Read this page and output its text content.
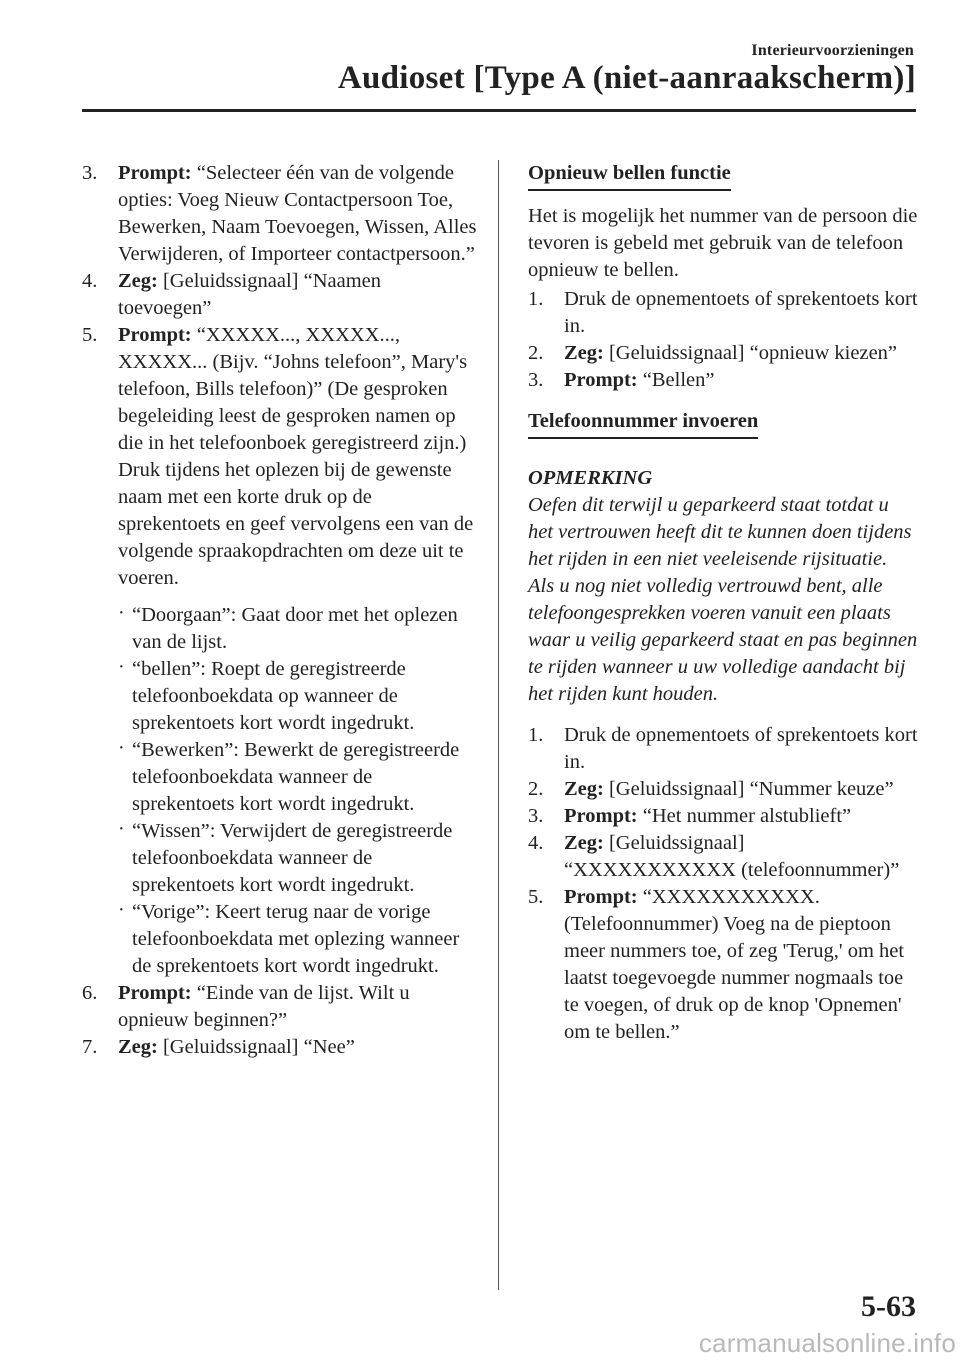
Interieurvoorzieningen
Audioset [Type A (niet-aanraakscherm)]
3.	Prompt: “Selecteer één van de volgende opties: Voeg Nieuw Contactpersoon Toe, Bewerken, Naam Toevoegen, Wissen, Alles Verwijderen, of Importeer contactpersoon.”
4.	Zeg: [Geluidssignaal] “Naamen toevoegen”
5.	Prompt: “XXXXX..., XXXXX..., XXXXX... (Bijv. “Johns telefoon”, Mary's telefoon, Bills telefoon)” (De gesproken begeleiding leest de gesproken namen op die in het telefoonboek geregistreerd zijn.)
Druk tijdens het oplezen bij de gewenste naam met een korte druk op de sprekentoets en geef vervolgens een van de volgende spraakopdrachten om deze uit te voeren.
· “Doorgaan”: Gaat door met het oplezen van de lijst.
· “bellen”: Roept de geregistreerde telefoonboekdata op wanneer de sprekentoets kort wordt ingedrukt.
· “Bewerken”: Bewerkt de geregistreerde telefoonboekdata wanneer de sprekentoets kort wordt ingedrukt.
· “Wissen”: Verwijdert de geregistreerde telefoonboekdata wanneer de sprekentoets kort wordt ingedrukt.
· “Vorige”: Keert terug naar de vorige telefoonboekdata met oplezing wanneer de sprekentoets kort wordt ingedrukt.
6.	Prompt: “Einde van de lijst. Wilt u opnieuw beginnen?”
7.	Zeg: [Geluidssignaal] “Nee”
Opnieuw bellen functie
Het is mogelijk het nummer van de persoon die tevoren is gebeld met gebruik van de telefoon opnieuw te bellen.
1.	Druk de opnementoets of sprekentoets kort in.
2.	Zeg: [Geluidssignaal] “opnieuw kiezen”
3.	Prompt: “Bellen”
Telefoonnummer invoeren
OPMERKING
Oefen dit terwijl u geparkeerd staat totdat u het vertrouwen heeft dit te kunnen doen tijdens het rijden in een niet veeleisende rijsituatie. Als u nog niet volledig vertrouwd bent, alle telefoongesprekken voeren vanuit een plaats waar u veilig geparkeerd staat en pas beginnen te rijden wanneer u uw volledige aandacht bij het rijden kunt houden.
1.	Druk de opnementoets of sprekentoets kort in.
2.	Zeg: [Geluidssignaal] “Nummer keuze”
3.	Prompt: “Het nummer alstublieft”
4.	Zeg: [Geluidssignaal] “XXXXXXXXXXX (telefoonnummer)”
5.	Prompt: “XXXXXXXXXXX. (Telefoonnummer) Voeg na de pieptoon meer nummers toe, of zeg 'Terug,' om het laatst toegevoegde nummer nogmaals toe te voegen, of druk op de knop 'Opnemen' om te bellen.”
5-63
carmanualsonline.info
